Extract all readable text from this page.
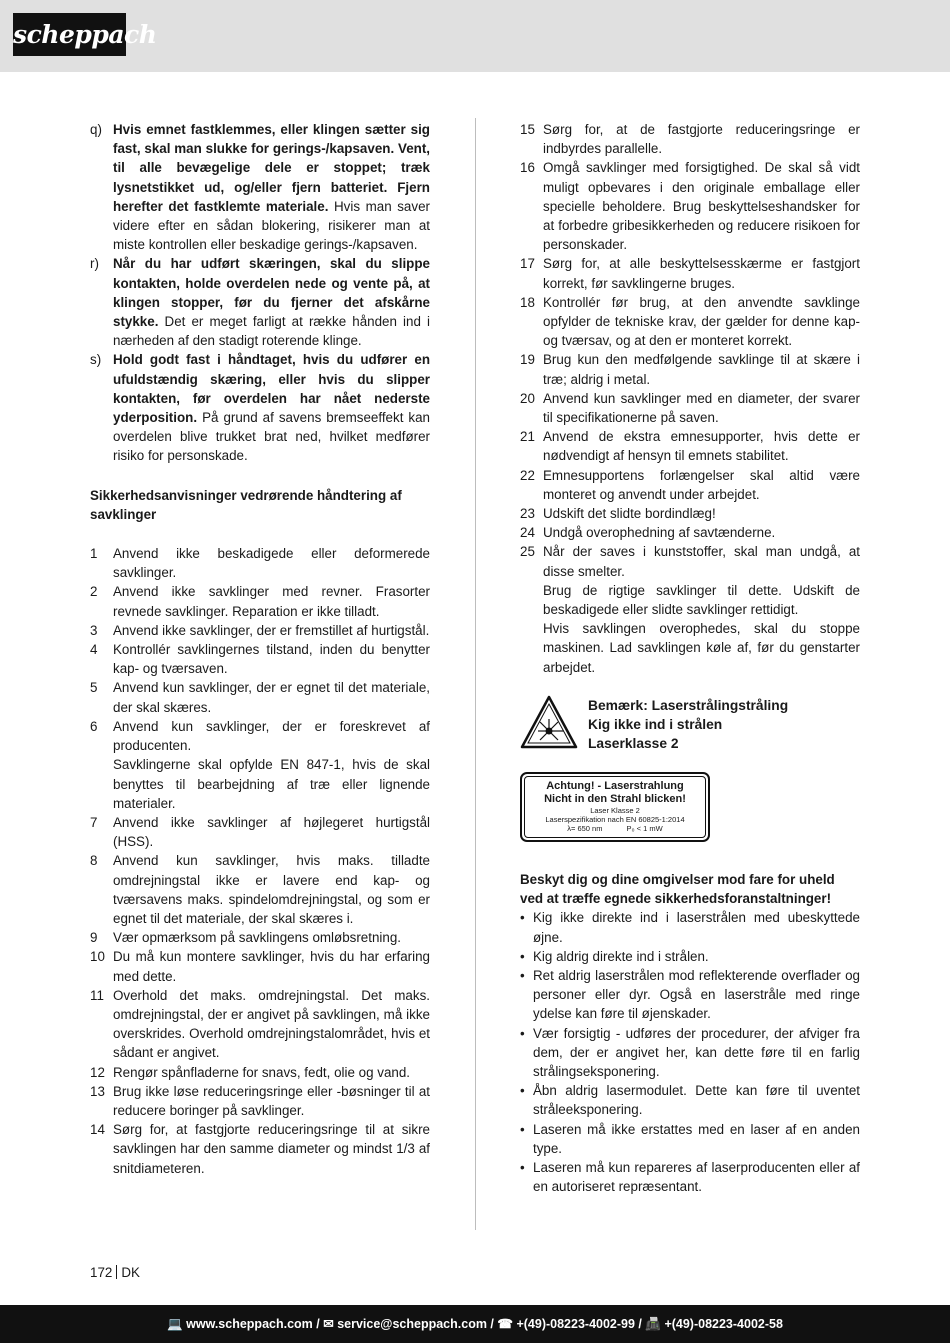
scheppach
q) Hvis emnet fastklemmes, eller klingen sætter sig fast, skal man slukke for gerings-/kapsaven. Vent, til alle bevægelige dele er stoppet; træk lysnetstikket ud, og/eller fjern batteriet. Fjern herefter det fastklemte materiale. Hvis man saver videre efter en sådan blokering, risikerer man at miste kontrollen eller beskadige gerings-/kapsaven.
r)	Når du har udført skæringen, skal du slippe kontakten, holde overdelen nede og vente på, at klingen stopper, før du fjerner det afskårne stykke. Det er meget farligt at række hånden ind i nærheden af den stadigt roterende klinge.
s) Hold godt fast i håndtaget, hvis du udfører en ufuldstændig skæring, eller hvis du slipper kontakten, før overdelen har nået nederste yderposition. På grund af savens bremseeffekt kan overdelen blive trukket brat ned, hvilket medfører risiko for personskade.
Sikkerhedsanvisninger vedrørende håndtering af savklinger
1	Anvend ikke beskadigede eller deformerede savklinger.
2	Anvend ikke savklinger med revner. Frasorter revnede savklinger. Reparation er ikke tilladt.
3	Anvend ikke savklinger, der er fremstillet af hurtigstål.
4	Kontrollér savklingernes tilstand, inden du benytter kap- og tværsaven.
5	Anvend kun savklinger, der er egnet til det materiale, der skal skæres.
6	Anvend kun savklinger, der er foreskrevet af producenten.
Savklingerne skal opfylde EN 847-1, hvis de skal benyttes til bearbejdning af træ eller lignende materialer.
7	Anvend ikke savklinger af højlegeret hurtigstål (HSS).
8	Anvend kun savklinger, hvis maks. tilladte omdrejningstal ikke er lavere end kap- og tværsavens maks. spindelomdrejningstal, og som er egnet til det materiale, der skal skæres i.
9	Vær opmærksom på savklingens omløbsretning.
10 Du må kun montere savklinger, hvis du har erfaring med dette.
11 Overhold det maks. omdrejningstal. Det maks. omdrejningstal, der er angivet på savklingen, må ikke overskrides. Overhold omdrejningstalområdet, hvis et sådant er angivet.
12 Rengør spånfladerne for snavs, fedt, olie og vand.
13 Brug ikke løse reduceringsringe eller -bøsninger til at reducere boringer på savklinger.
14 Sørg for, at fastgjorte reduceringsringe til at sikre savklingen har den samme diameter og mindst 1/3 af snitdiameteren.
15 Sørg for, at de fastgjorte reduceringsringe er indbyrdes parallelle.
16 Omgå savklinger med forsigtighed. De skal så vidt muligt opbevares i den originale emballage eller specielle beholdere. Brug beskyttelseshandsker for at forbedre gribesikkerheden og reducere risikoen for personskader.
17 Sørg for, at alle beskyttelsesskærme er fastgjort korrekt, før savklingerne bruges.
18 Kontrollér før brug, at den anvendte savklinge opfylder de tekniske krav, der gælder for denne kap- og tværsav, og at den er monteret korrekt.
19 Brug kun den medfølgende savklinge til at skære i træ; aldrig i metal.
20 Anvend kun savklinger med en diameter, der svarer til specifikationerne på saven.
21 Anvend de ekstra emnesupporter, hvis dette er nødvendigt af hensyn til emnets stabilitet.
22 Emnesupportens forlængelser skal altid være monteret og anvendt under arbejdet.
23 Udskift det slidte bordindlæg!
24 Undgå overophedning af savtænderne.
25 Når der saves i kunststoffer, skal man undgå, at disse smelter.
Brug de rigtige savklinger til dette. Udskift de beskadigede eller slidte savklinger rettidigt.
Hvis savklingen overophedes, skal du stoppe maskinen. Lad savklingen køle af, før du genstarter arbejdet.
Bemærk: Laserstrålingstråling
Kig ikke ind i strålen
Laserklasse 2
Achtung! - Laserstrahlung
Nicht in den Strahl blicken!
Laser Klasse 2
Laserspezifikation nach EN 60825-1:2014
λ= 650 nm	P₀ < 1 mW
Beskyt dig og dine omgivelser mod fare for uheld ved at træffe egnede sikkerhedsforanstaltninger!
• Kig ikke direkte ind i laserstrålen med ubeskyttede øjne.
• Kig aldrig direkte ind i strålen.
• Ret aldrig laserstrålen mod reflekterende overflader og personer eller dyr. Også en laserstråle med ringe ydelse kan føre til øjenskader.
• Vær forsigtig - udføres der procedurer, der afviger fra dem, der er angivet her, kan dette føre til en farlig strålingseksponering.
• Åbn aldrig lasermodulet. Dette kan føre til uventet stråleeksponering.
• Laseren må ikke erstattes med en laser af en anden type.
• Laseren må kun repareres af laserproducenten eller af en autoriseret repræsentant.
172 DK
💻 www.scheppach.com / ✉ service@scheppach.com / ☎ +(49)-08223-4002-99 / 📠 +(49)-08223-4002-58
